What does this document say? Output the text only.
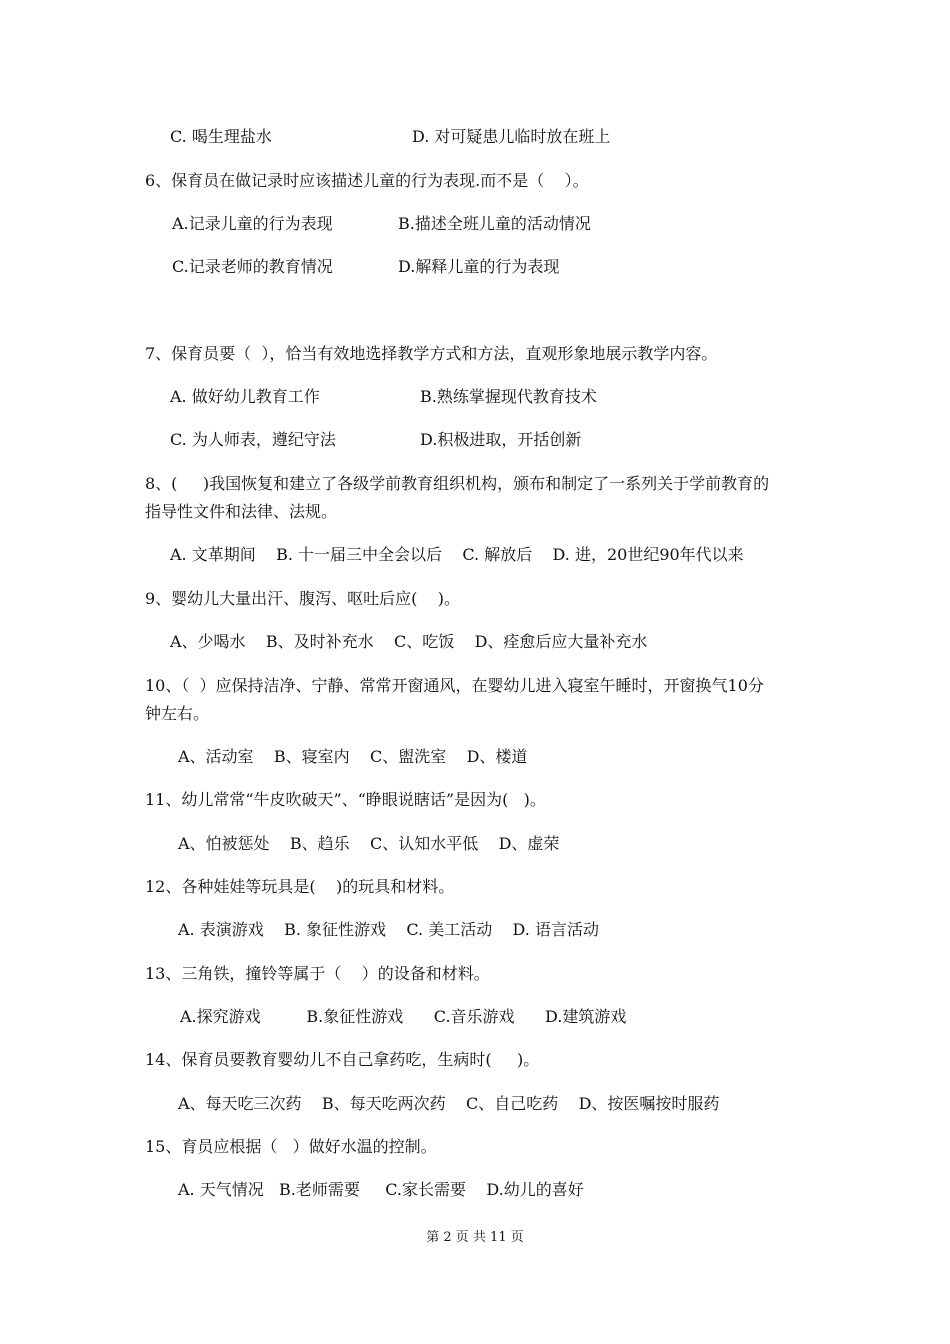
C. 喝生理盐水	D. 对可疑患儿临时放在班上
6、保育员在做记录时应该描述儿童的行为表现.而不是（    ）。
A.记录儿童的行为表现	B.描述全班儿童的活动情况
C.记录老师的教育情况	D.解释儿童的行为表现
7、保育员要（  ），恰当有效地选择教学方式和方法，直观形象地展示教学内容。
A. 做好幼儿教育工作	B.熟练掌握现代教育技术
C. 为人师表，遵纪守法	D.积极进取，开括创新
8、(     )我国恢复和建立了各级学前教育组织机构，颁布和制定了一系列关于学前教育的
指导性文件和法律、法规。
A. 文革期间    B. 十一届三中全会以后    C. 解放后    D. 进，20世纪90年代以来
9、婴幼儿大量出汗、腹泻、呕吐后应(    )。
A、少喝水    B、及时补充水    C、吃饭    D、痊愈后应大量补充水
10、（  ）应保持洁净、宁静、常常开窗通风，在婴幼儿进入寝室午睡时，开窗换气10分
钟左右。
A、活动室    B、寝室内    C、盥洗室    D、楼道
11、幼儿常常“牛皮吹破天”、“睁眼说瞎话”是因为(   )。
A、怕被惩处    B、趋乐    C、认知水平低    D、虚荣
12、各种娃娃等玩具是(    )的玩具和材料。
A. 表演游戏    B. 象征性游戏    C. 美工活动    D. 语言活动
13、三角铁，撞铃等属于（    ）的设备和材料。
A.探究游戏         B.象征性游戏      C.音乐游戏      D.建筑游戏
14、保育员要教育婴幼儿不自己拿药吃，生病时(     )。
A、每天吃三次药    B、每天吃两次药    C、自己吃药    D、按医嘱按时服药
15、育员应根据（   ）做好水温的控制。
A. 天气情况   B.老师需要     C.家长需要    D.幼儿的喜好
第 2 页 共 11 页
